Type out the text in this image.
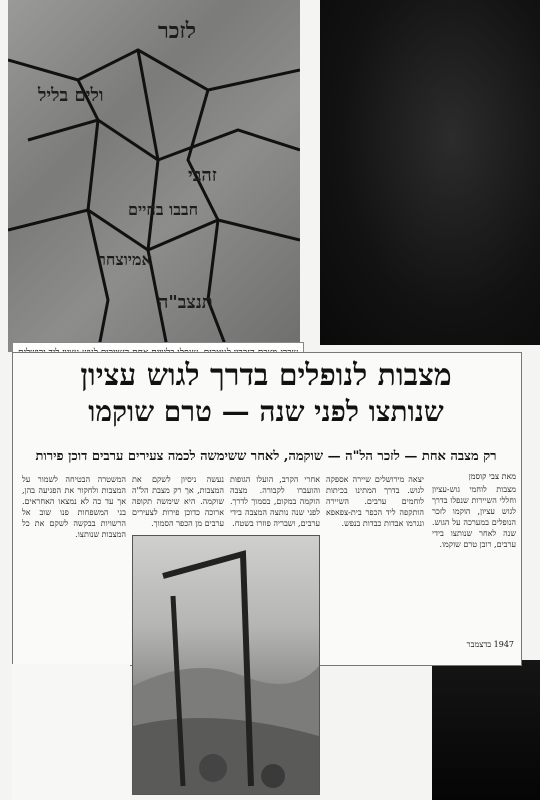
לזכר
ולים בליל
זהבי
חבבו בחיים
אמיוצחר
תנצב"ה
מצבות לנופלים בדרך לגוש עציון
שנותצו לפני שנה — טרם שוקמו
רק מצבה אחת — לזכר הל"ה — שוקמה, לאחר ששימשה לכמה צעירים ערבים דוכן פירות
מאת צבי קוסמן
מצבות לוחמי גוש-עציון וחללי השיירות שנפלו בדרך לגוש עציון, הוקמו לזכר הנופלים במערכה על הגוש. שנה לאחר שנותצו בידי ערבים, רובן טרם שוקמו.
יצאה מירושלים שיירה אספקה לגוש. בדרך המתינו בכיתות לוחמים ערבים. השיירה הותקפה ליד הכפר בית-צפאפא ונגרמו אבדות כבדות בנפש.
אחרי הקרב, הועלו הגופות והועברו לקבורה. מצבה הוקמה במקום, בסמוך לדרך. לפני שנה נותצה המצבה בידי ערבים, ושבריה פוזרו בשטח.
נעשה ניסיון לשקם את המצבות, אך רק מצבת הל"ה שוקמה. היא שימשה תקופה ארוכה כדוכן פירות לצעירים ערבים מן הכפר הסמוך.
המשטרה הבטיחה לשמור על המצבות ולחקור את הפגיעה בהן, אך עד כה לא נמצאו האחראים. בני המשפחות פנו שוב אל הרשויות בבקשה לשקם את כל המצבות שנותצו.
1947 בדצמבר
